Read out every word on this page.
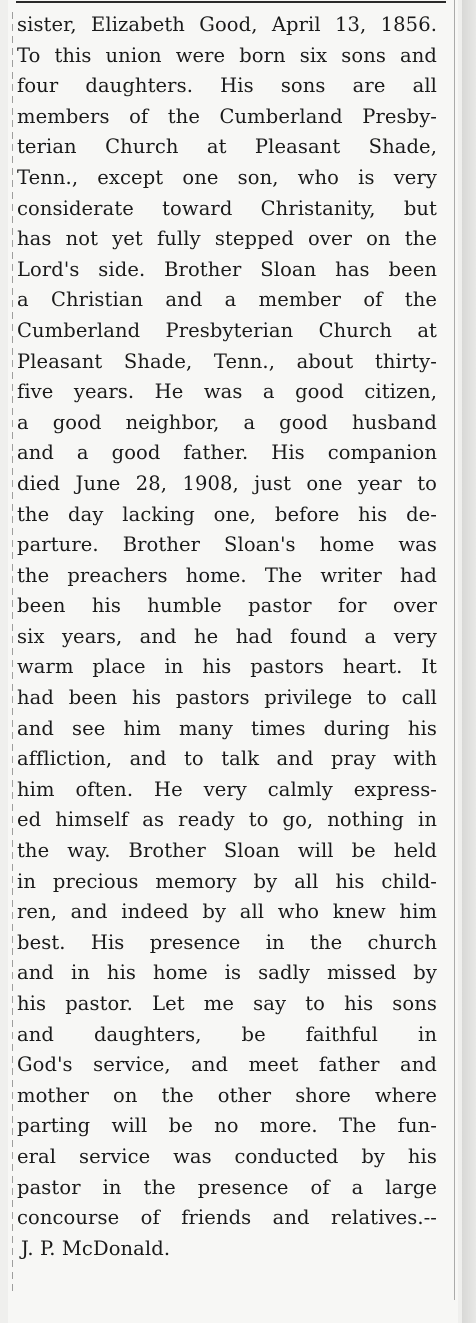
sister, Elizabeth Good, April 13, 1856.
To this union were born six sons and
four daughters. His sons are all
members of the Cumberland Presby-
terian Church at Pleasant Shade,
Tenn., except one son, who is very
considerate toward Christanity, but
has not yet fully stepped over on the
Lord's side. Brother Sloan has been
a Christian and a member of the
Cumberland Presbyterian Church at
Pleasant Shade, Tenn., about thirty-
five years. He was a good citizen,
a good neighbor, a good husband
and a good father. His companion
died June 28, 1908, just one year to
the day lacking one, before his de-
parture. Brother Sloan's home was
the preachers home. The writer had
been his humble pastor for over
six years, and he had found a very
warm place in his pastors heart. It
had been his pastors privilege to call
and see him many times during his
affliction, and to talk and pray with
him often. He very calmly express-
ed himself as ready to go, nothing in
the way. Brother Sloan will be held
in precious memory by all his child-
ren, and indeed by all who knew him
best. His presence in the church
and in his home is sadly missed by
his pastor. Let me say to his sons
and daughters, be faithful in
God's service, and meet father and
mother on the other shore where
parting will be no more. The fun-
eral service was conducted by his
pastor in the presence of a large
concourse of friends and relatives.--
J. P. McDonald.
